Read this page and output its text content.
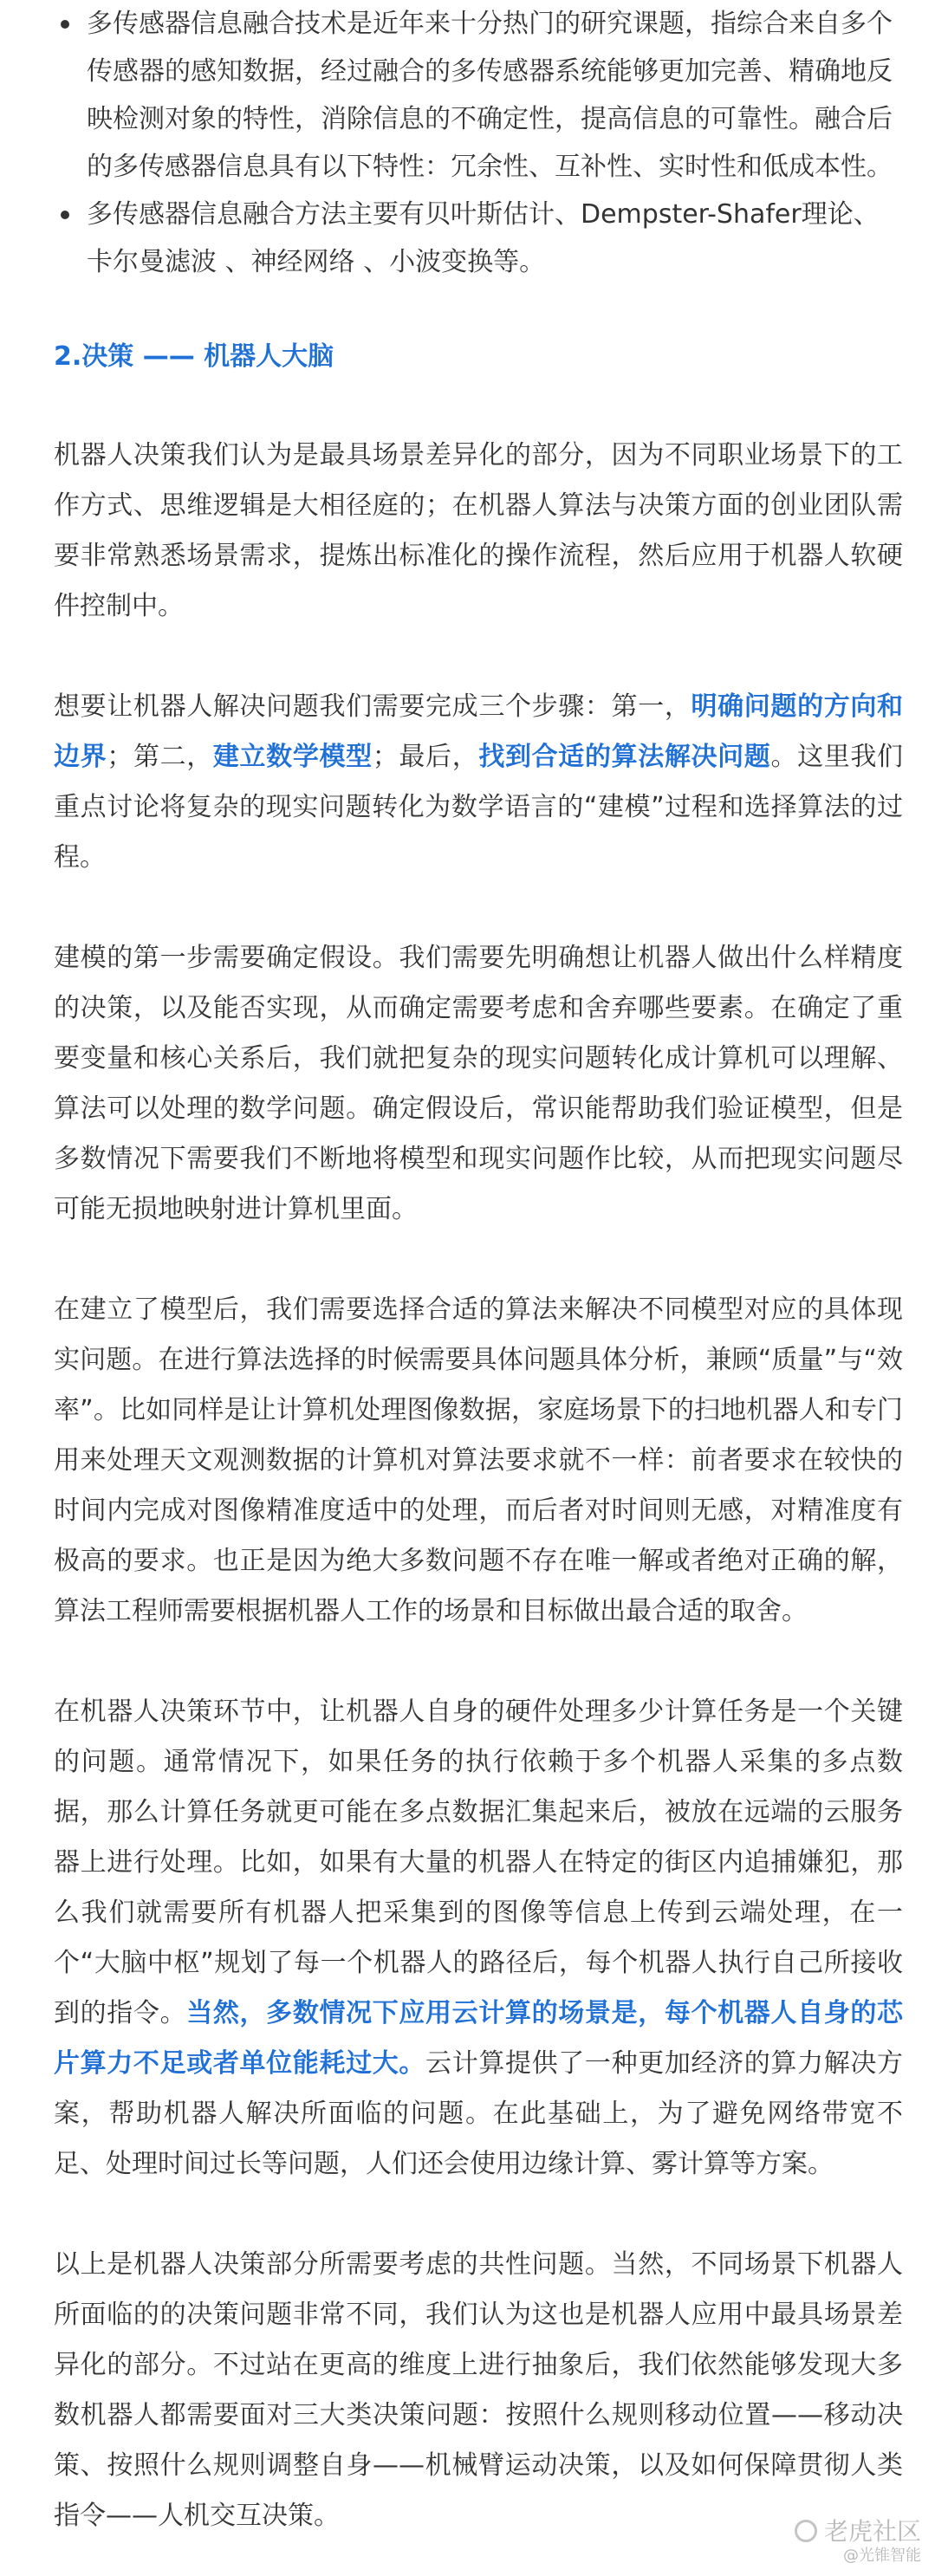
多传感器信息融合技术是近年来十分热门的研究课题，指综合来自多个传感器的感知数据，经过融合的多传感器系统能够更加完善、精确地反映检测对象的特性，消除信息的不确定性，提高信息的可靠性。融合后的多传感器信息具有以下特性：冗余性、互补性、实时性和低成本性。
多传感器信息融合方法主要有贝叶斯估计、Dempster-Shafer理论、卡尔曼滤波 、神经网络 、小波变换等。
2.决策 —— 机器人大脑

机器人决策我们认为是最具场景差异化的部分，因为不同职业场景下的工作方式、思维逻辑是大相径庭的；在机器人算法与决策方面的创业团队需要非常熟悉场景需求，提炼出标准化的操作流程，然后应用于机器人软硬件控制中。

想要让机器人解决问题我们需要完成三个步骤：第一，明确问题的方向和边界；第二，建立数学模型；最后，找到合适的算法解决问题。这里我们重点讨论将复杂的现实问题转化为数学语言的“建模”过程和选择算法的过程。

建模的第一步需要确定假设。我们需要先明确想让机器人做出什么样精度的决策，以及能否实现，从而确定需要考虑和舍弃哪些要素。在确定了重要变量和核心关系后，我们就把复杂的现实问题转化成计算机可以理解、算法可以处理的数学问题。确定假设后，常识能帮助我们验证模型，但是多数情况下需要我们不断地将模型和现实问题作比较，从而把现实问题尽可能无损地映射进计算机里面。

在建立了模型后，我们需要选择合适的算法来解决不同模型对应的具体现实问题。在进行算法选择的时候需要具体问题具体分析，兼顾“质量”与“效率”。比如同样是让计算机处理图像数据，家庭场景下的扫地机器人和专门用来处理天文观测数据的计算机对算法要求就不一样：前者要求在较快的时间内完成对图像精准度适中的处理，而后者对时间则无感，对精准度有极高的要求。也正是因为绝大多数问题不存在唯一解或者绝对正确的解，算法工程师需要根据机器人工作的场景和目标做出最合适的取舍。

在机器人决策环节中，让机器人自身的硬件处理多少计算任务是一个关键的问题。通常情况下，如果任务的执行依赖于多个机器人采集的多点数据，那么计算任务就更可能在多点数据汇集起来后，被放在远端的云服务器上进行处理。比如，如果有大量的机器人在特定的街区内追捕嫌犯，那么我们就需要所有机器人把采集到的图像等信息上传到云端处理，在一个“大脑中枢”规划了每一个机器人的路径后，每个机器人执行自己所接收到的指令。当然，多数情况下应用云计算的场景是，每个机器人自身的芯片算力不足或者单位能耗过大。云计算提供了一种更加经济的算力解决方案，帮助机器人解决所面临的问题。在此基础上，为了避免网络带宽不足、处理时间过长等问题，人们还会使用边缘计算、雾计算等方案。

以上是机器人决策部分所需要考虑的共性问题。当然，不同场景下机器人所面临的的决策问题非常不同，我们认为这也是机器人应用中最具场景差异化的部分。不过站在更高的维度上进行抽象后，我们依然能够发现大多数机器人都需要面对三大类决策问题：按照什么规则移动位置——移动决策、按照什么规则调整自身——机械臂运动决策，以及如何保障贯彻人类指令——人机交互决策。

老虎社区
@光锥智能
